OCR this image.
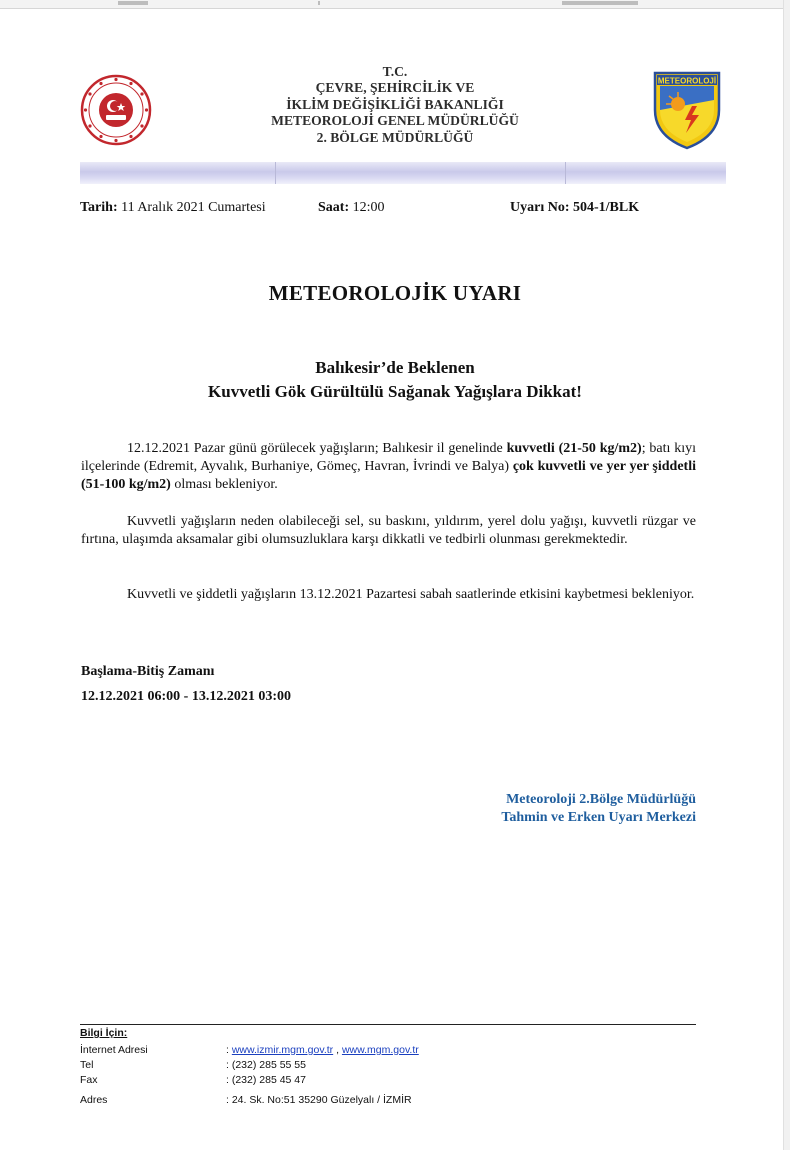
T.C.
ÇEVRE, ŞEHİRCİLİK VE
İKLİM DEĞİŞİKLİĞİ BAKANLIĞI
METEOROLOJİ GENEL MÜDÜRLÜĞÜ
2. BÖLGE MÜDÜRLÜĞÜ
METEOROLOJİ
Tarih: 11 Aralık 2021 Cumartesi	Saat: 12:00	Uyarı No: 504-1/BLK
METEOROLOJİK UYARI
Balıkesir’de Beklenen
Kuvvetli Gök Gürültülü Sağanak Yağışlara Dikkat!
12.12.2021 Pazar günü görülecek yağışların; Balıkesir il genelinde kuvvetli (21-50 kg/m2); batı kıyı ilçelerinde (Edremit, Ayvalık, Burhaniye, Gömeç, Havran, İvrindi ve Balya) çok kuvvetli ve yer yer şiddetli (51-100 kg/m2) olması bekleniyor.
Kuvvetli yağışların neden olabileceği sel, su baskını, yıldırım, yerel dolu yağışı, kuvvetli rüzgar ve fırtına, ulaşımda aksamalar gibi olumsuzluklara karşı dikkatli ve tedbirli olunması gerekmektedir.
Kuvvetli ve şiddetli yağışların 13.12.2021 Pazartesi sabah saatlerinde etkisini kaybetmesi bekleniyor.
Başlama-Bitiş Zamanı
12.12.2021 06:00 - 13.12.2021 03:00
Meteoroloji 2.Bölge Müdürlüğü
Tahmin ve Erken Uyarı Merkezi
Bilgi İçin:
İnternet Adresi	: www.izmir.mgm.gov.tr , www.mgm.gov.tr
Tel	: (232) 285 55 55
Fax	: (232) 285 45 47
Adres	: 24. Sk. No:51 35290 Güzelyalı / İZMİR
